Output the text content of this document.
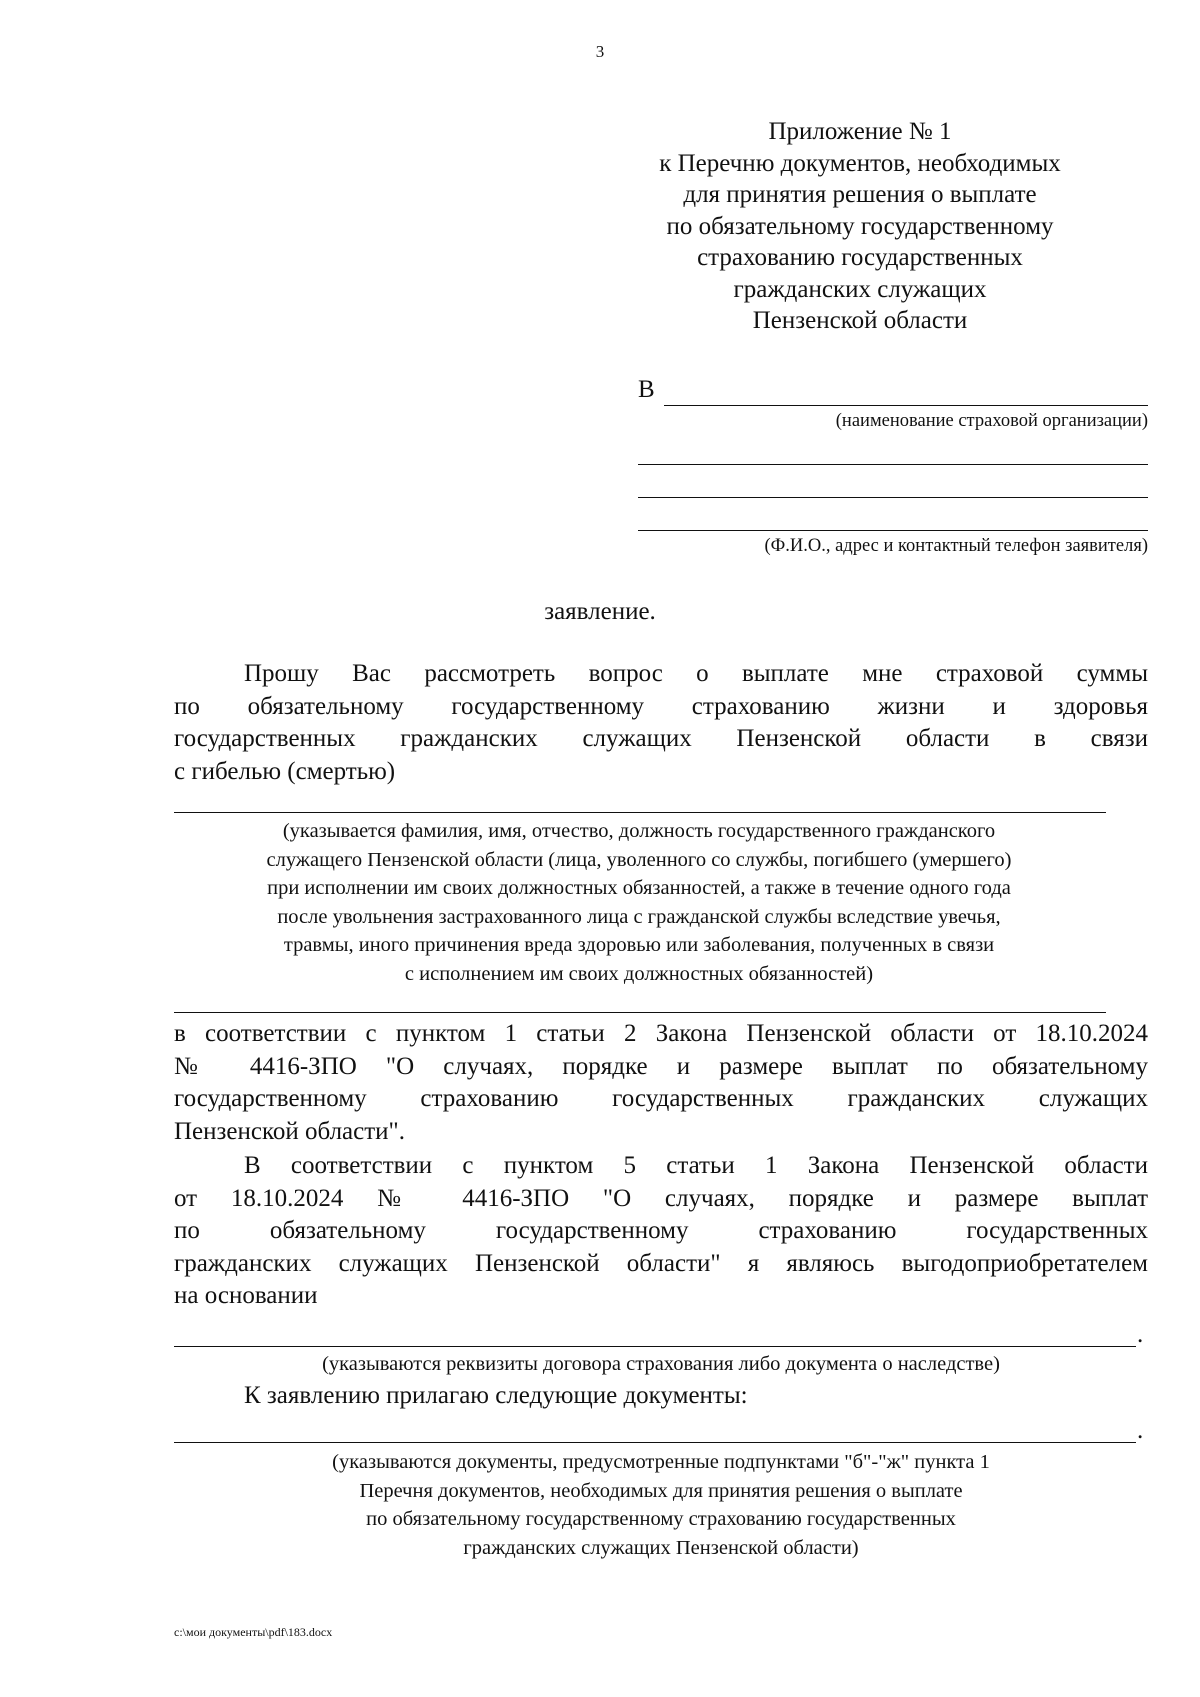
3
Приложение № 1
к Перечню документов, необходимых
для принятия решения о выплате
по обязательному государственному
страхованию государственных
гражданских служащих
Пензенской области
В
(наименование страховой организации)
(Ф.И.О., адрес и контактный телефон заявителя)
заявление.
Прошу Вас рассмотреть вопрос о выплате мне страховой суммы
по обязательному государственному страхованию жизни и здоровья
государственных гражданских служащих Пензенской области в связи
с гибелью (смертью)
(указывается фамилия, имя, отчество, должность государственного гражданского
служащего Пензенской области (лица, уволенного со службы, погибшего (умершего)
при исполнении им своих должностных обязанностей, а также в течение одного года
после увольнения застрахованного лица с гражданской службы вследствие увечья,
травмы, иного причинения вреда здоровью или заболевания, полученных в связи
с исполнением им своих должностных обязанностей)
в соответствии с пунктом 1 статьи 2 Закона Пензенской области от 18.10.2024
№ 4416-ЗПО "О случаях, порядке и размере выплат по обязательному
государственному страхованию государственных гражданских служащих
Пензенской области".
В соответствии с пунктом 5 статьи 1 Закона Пензенской области
от 18.10.2024 № 4416-ЗПО "О случаях, порядке и размере выплат
по обязательному государственному страхованию государственных
гражданских служащих Пензенской области" я являюсь выгодоприобретателем
на основании
.
(указываются реквизиты договора страхования либо документа о наследстве)
К заявлению прилагаю следующие документы:
.
(указываются документы, предусмотренные подпунктами "б"-"ж" пункта 1
Перечня документов, необходимых для принятия решения о выплате
по обязательному государственному страхованию государственных
гражданских служащих Пензенской области)
c:\мои документы\pdf\183.docx
